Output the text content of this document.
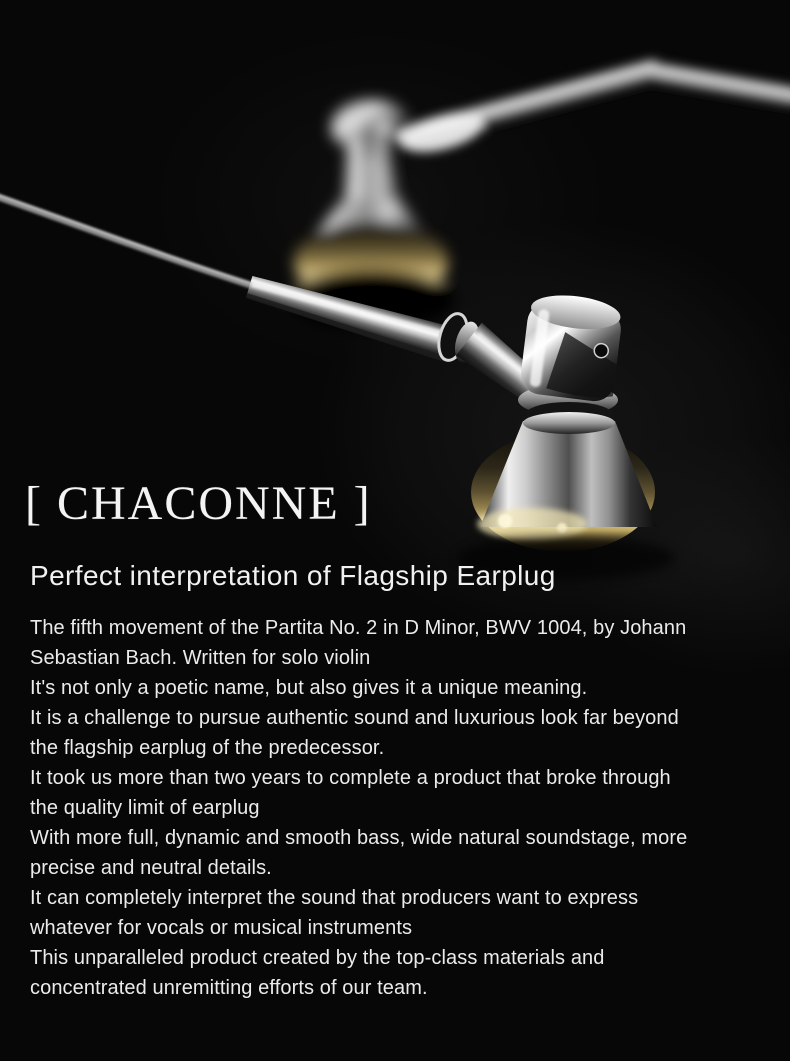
[ CHACONNE ]
Perfect interpretation of Flagship Earplug
The fifth movement of the Partita No. 2 in D Minor, BWV 1004, by Johann
Sebastian Bach. Written for solo violin
It's not only a poetic name, but also gives it a unique meaning.
It is a challenge to pursue authentic sound and luxurious look far beyond
the flagship earplug of the predecessor.
It took us more than two years to complete a product that broke through
the quality limit of earplug
With more full, dynamic and smooth bass, wide natural soundstage, more
precise and neutral details.
It can completely interpret the sound that producers want to express
whatever for vocals or musical instruments
This unparalleled product created by the top-class materials and
concentrated unremitting efforts of our team.
